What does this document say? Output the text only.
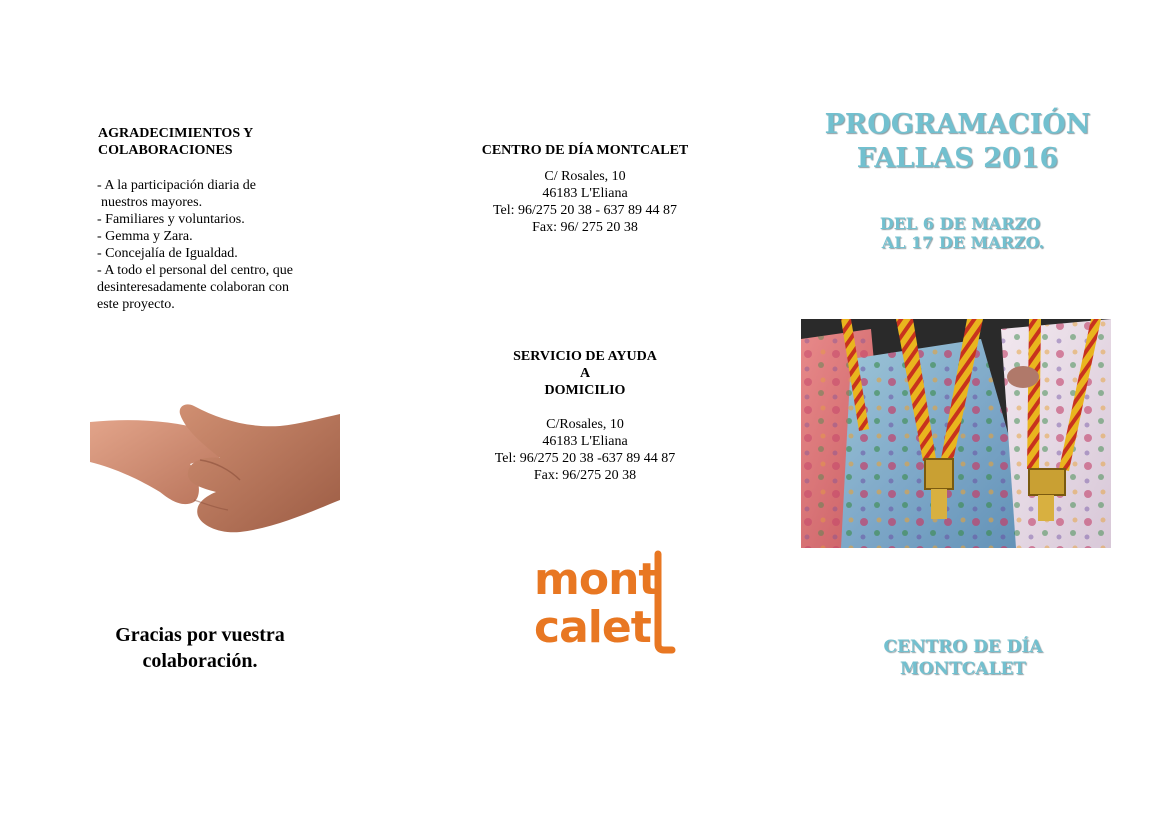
AGRADECIMIENTOS Y
COLABORACIONES
- A la participación diaria de
nuestros mayores.
- Familiares y voluntarios.
- Gemma y Zara.
- Concejalía de Igualdad.
- A todo el personal del centro, que
desinteresadamente colaboran con
este proyecto.
Gracias por vuestra
colaboración.
CENTRO DE DÍA MONTCALET
C/ Rosales, 10
46183 L'Eliana
Tel: 96/275 20 38 - 637 89 44 87
Fax: 96/ 275 20 38
SERVICIO DE AYUDA
A
DOMICILIO
C/Rosales, 10
46183 L'Eliana
Tel: 96/275 20 38 -637 89 44 87
Fax: 96/275 20 38
mont
calet
PROGRAMACIÓN
FALLAS 2016
DEL 6 DE MARZO
AL 17 DE MARZO.
CENTRO DE DÍA
MONTCALET
